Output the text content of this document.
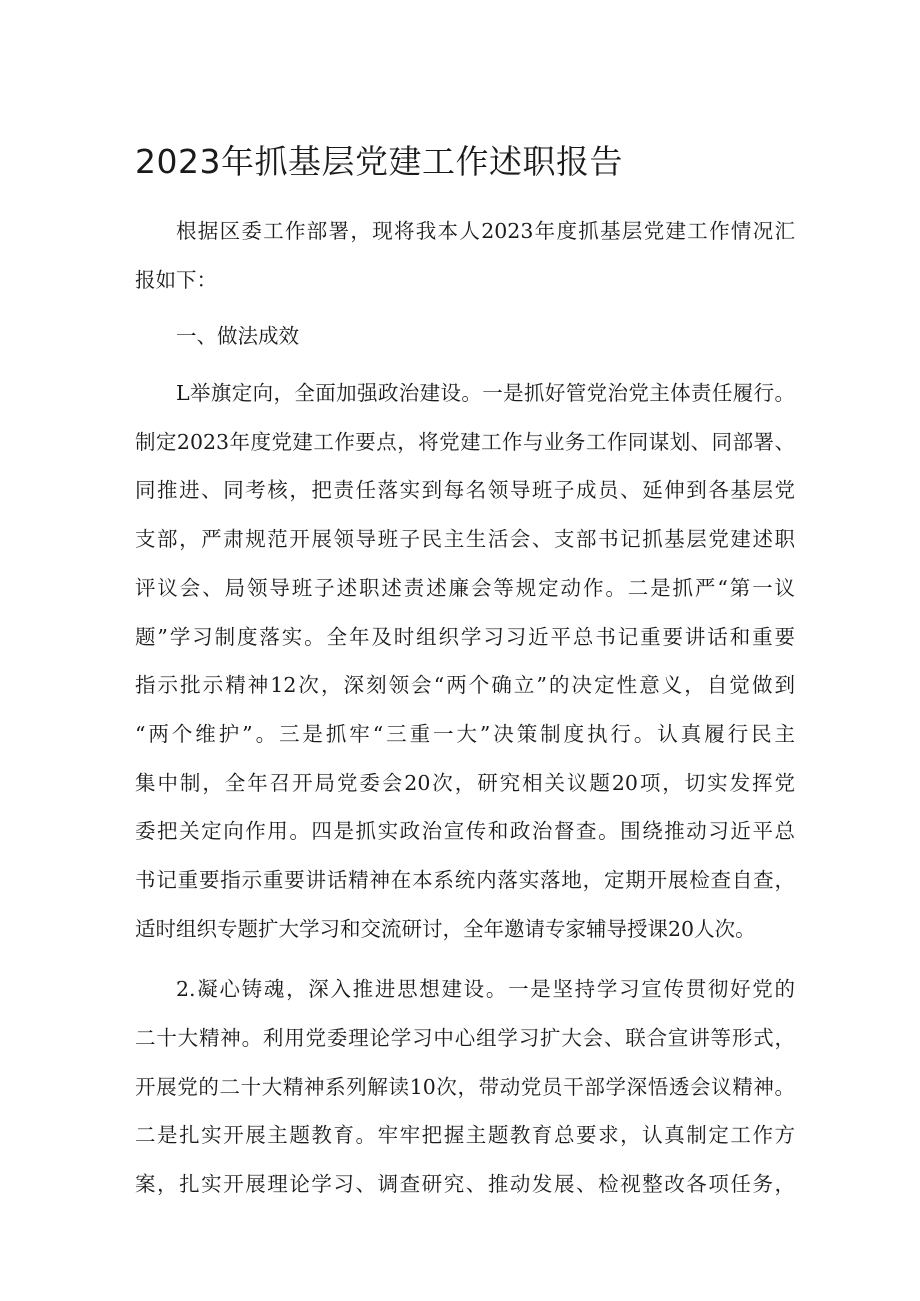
2023年抓基层党建工作述职报告
根据区委工作部署，现将我本人2023年度抓基层党建工作情况汇
报如下：
一、做法成效
L举旗定向，全面加强政治建设。一是抓好管党治党主体责任履行。
制定2023年度党建工作要点，将党建工作与业务工作同谋划、同部署、
同推进、同考核，把责任落实到每名领导班子成员、延伸到各基层党
支部，严肃规范开展领导班子民主生活会、支部书记抓基层党建述职
评议会、局领导班子述职述责述廉会等规定动作。二是抓严“第一议
题”学习制度落实。全年及时组织学习习近平总书记重要讲话和重要
指示批示精神12次，深刻领会“两个确立”的决定性意义，自觉做到
“两个维护”。三是抓牢“三重一大”决策制度执行。认真履行民主
集中制，全年召开局党委会20次，研究相关议题20项，切实发挥党
委把关定向作用。四是抓实政治宣传和政治督查。围绕推动习近平总
书记重要指示重要讲话精神在本系统内落实落地，定期开展检查自查，
适时组织专题扩大学习和交流研讨，全年邀请专家辅导授课20人次。
2.凝心铸魂，深入推进思想建设。一是坚持学习宣传贯彻好党的
二十大精神。利用党委理论学习中心组学习扩大会、联合宣讲等形式，
开展党的二十大精神系列解读10次，带动党员干部学深悟透会议精神。
二是扎实开展主题教育。牢牢把握主题教育总要求，认真制定工作方
案，扎实开展理论学习、调查研究、推动发展、检视整改各项任务，
